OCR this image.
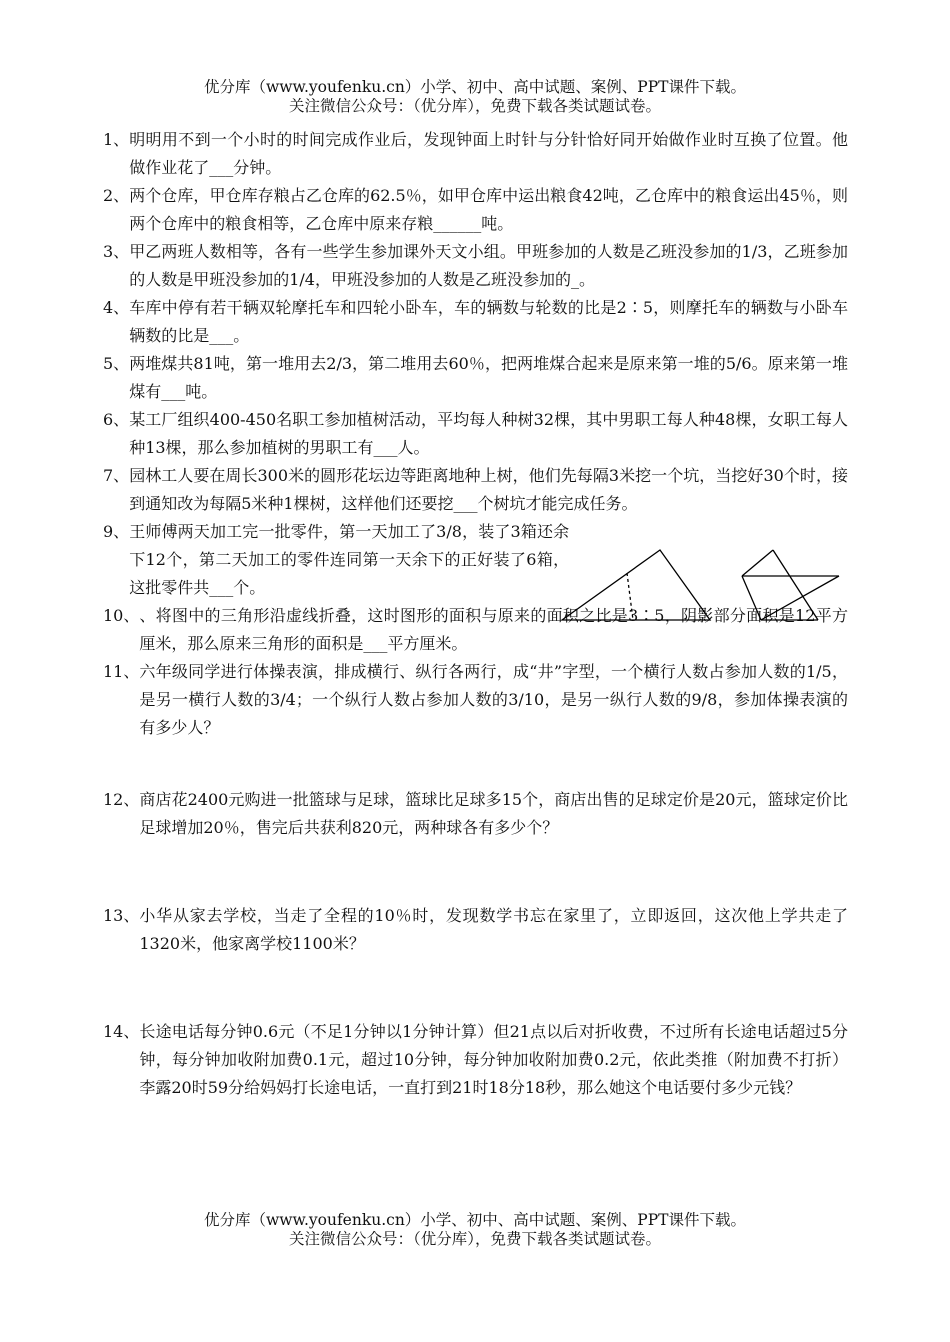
优分库（www.youfenku.cn）小学、初中、高中试题、案例、PPT课件下载。
关注微信公众号：（优分库），免费下载各类试题试卷。
1、 明明用不到一个小时的时间完成作业后，发现钟面上时针与分针恰好同开始做作业时互换了位置。他做作业花了___分钟。
2、 两个仓库，甲仓库存粮占乙仓库的62.5％，如甲仓库中运出粮食42吨，乙仓库中的粮食运出45％，则两个仓库中的粮食相等，乙仓库中原来存粮______吨。
3、 甲乙两班人数相等，各有一些学生参加课外天文小组。甲班参加的人数是乙班没参加的1/3，乙班参加的人数是甲班没参加的1/4，甲班没参加的人数是乙班没参加的_。
4、 车库中停有若干辆双轮摩托车和四轮小卧车，车的辆数与轮数的比是2∶5，则摩托车的辆数与小卧车辆数的比是___。
5、 两堆煤共81吨，第一堆用去2/3，第二堆用去60％，把两堆煤合起来是原来第一堆的5/6。原来第一堆煤有___吨。
6、 某工厂组织400-450名职工参加植树活动，平均每人种树32棵，其中男职工每人种48棵，女职工每人种13棵，那么参加植树的男职工有___人。
7、 园林工人要在周长300米的圆形花坛边等距离地种上树，他们先每隔3米挖一个坑，当挖好30个时，接到通知改为每隔5米种1棵树，这样他们还要挖___个树坑才能完成任务。
9、 王师傅两天加工完一批零件，第一天加工了3/8，装了3箱还余下12个，第二天加工的零件连同第一天余下的正好装了6箱，这批零件共___个。
10、 、将图中的三角形沿虚线折叠，这时图形的面积与原来的面积之比是3∶5，阴影部分面积是12平方厘米，那么原来三角形的面积是___平方厘米。
11、 六年级同学进行体操表演，排成横行、纵行各两行，成“井”字型，一个横行人数占参加人数的1/5，是另一横行人数的3/4；一个纵行人数占参加人数的3/10，是另一纵行人数的9/8，参加体操表演的有多少人？
12、 商店花2400元购进一批篮球与足球，篮球比足球多15个，商店出售的足球定价是20元，篮球定价比足球增加20％，售完后共获利820元，两种球各有多少个？
13、 小华从家去学校，当走了全程的10％时，发现数学书忘在家里了，立即返回，这次他上学共走了1320米，他家离学校1100米？
14、 长途电话每分钟0.6元（不足1分钟以1分钟计算）但21点以后对折收费，不过所有长途电话超过5分钟，每分钟加收附加费0.1元，超过10分钟，每分钟加收附加费0.2元，依此类推（附加费不打折）李露20时59分给妈妈打长途电话，一直打到21时18分18秒，那么她这个电话要付多少元钱？
优分库（www.youfenku.cn）小学、初中、高中试题、案例、PPT课件下载。
关注微信公众号：（优分库），免费下载各类试题试卷。
